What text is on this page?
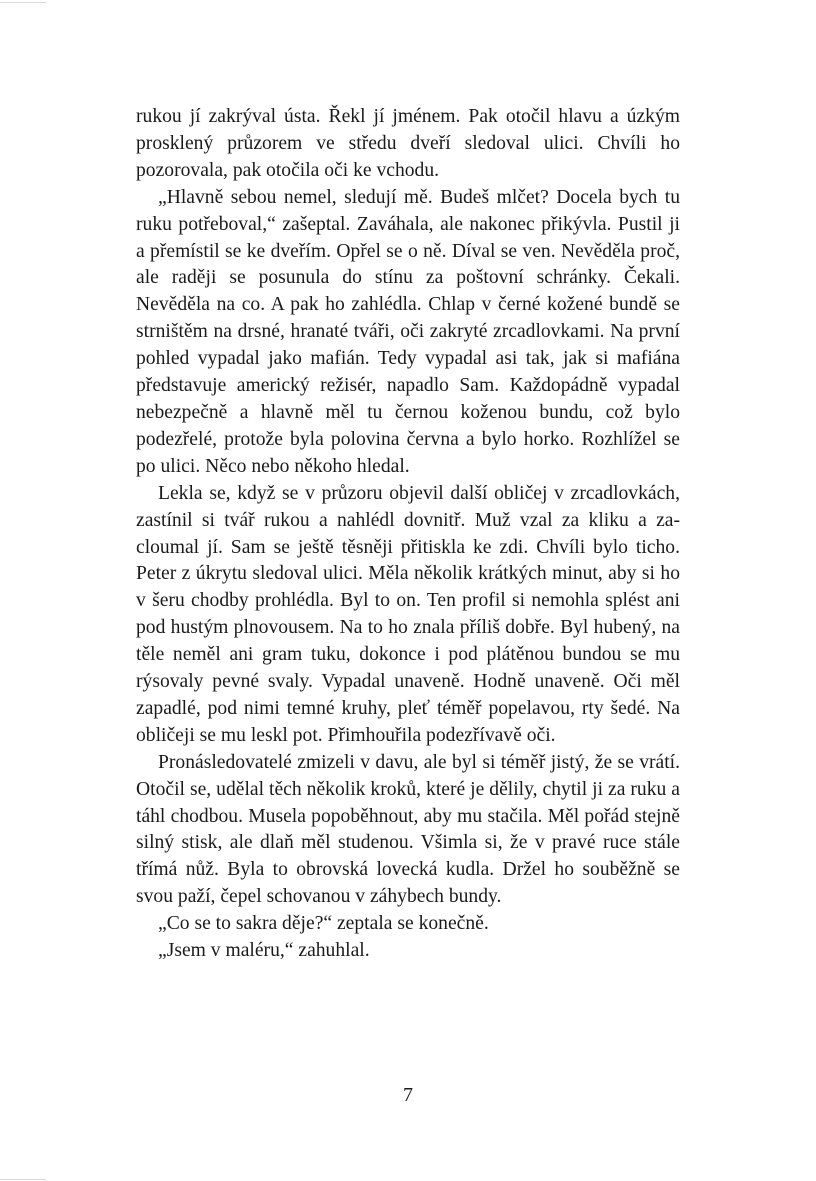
rukou jí zakrýval ústa. Řekl jí jménem. Pak otočil hlavu a úzkým prosklený průzorem ve středu dveří sledoval ulici. Chvíli ho pozorovala, pak otočila oči ke vchodu.

„Hlavně sebou nemel, sledují mě. Budeš mlčet? Docela bych tu ruku potřeboval,“ zašeptal. Zaváhala, ale nakonec přikývla. Pustil ji a přemístil se ke dveřím. Opřel se o ně. Díval se ven. Nevěděla proč, ale raději se posunula do stínu za poštovní schránky. Čekali. Nevěděla na co. A pak ho zahlédla. Chlap v černé kožené bundě se strništěm na drsné, hranaté tváři, oči zakryté zrcadlovkami. Na první pohled vypadal jako mafián. Tedy vypadal asi tak, jak si mafiána představuje americký režisér, napadlo Sam. Každopádně vypadal nebezpečně a hlavně měl tu černou koženou bundu, což bylo podezřelé, protože byla polovina června a bylo horko. Rozhlížel se po ulici. Něco nebo někoho hledal.

Lekla se, když se v průzoru objevil další obličej v zrcadlovkách, zastínil si tvář rukou a nahlédl dovnitř. Muž vzal za kliku a zacloumal jí. Sam se ještě těsněji přitiskla ke zdi. Chvíli bylo ticho. Peter z úkrytu sledoval ulici. Měla několik krátkých minut, aby si ho v šeru chodby prohlédla. Byl to on. Ten profil si nemohla splést ani pod hustým plnovousem. Na to ho znala příliš dobře. Byl hubený, na těle neměl ani gram tuku, dokonce i pod plátěnou bundou se mu rýsovaly pevné svaly. Vypadal unaveně. Hodně unaveně. Oči měl zapadlé, pod nimi temné kruhy, pleť téměř popelavou, rty šedé. Na obličeji se mu leskl pot. Přimhouřila podezřívavě oči.

Pronásledovatelé zmizeli v davu, ale byl si téměř jistý, že se vrátí. Otočil se, udělal těch několik kroků, které je dělily, chytil ji za ruku a táhl chodbou. Musela popoběhnout, aby mu stačila. Měl pořád stejně silný stisk, ale dlaň měl studenou. Všimla si, že v pravé ruce stále třímá nůž. Byla to obrovská lovecká kudla. Držel ho souběžně se svou paží, čepel schovanou v záhybech bundy.

„Co se to sakra děje?“ zeptala se konečně.

„Jsem v maléru,“ zahuhlal.

7
